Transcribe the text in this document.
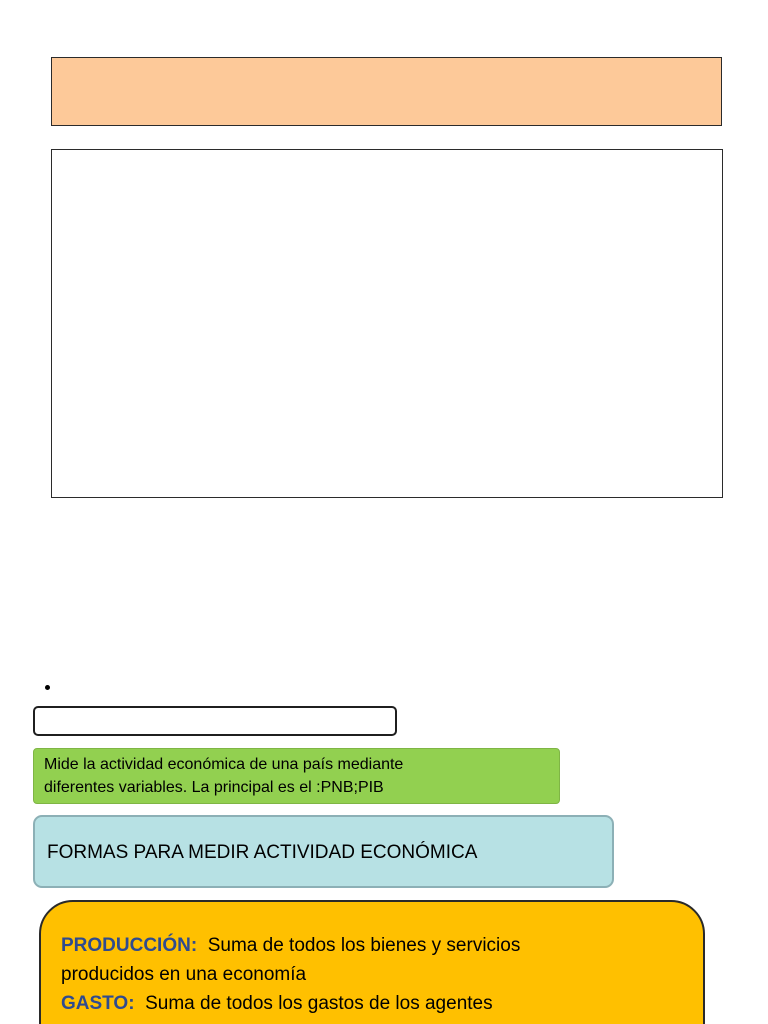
Mide la actividad económica de una país mediante
diferentes variables. La principal es el :PNB;PIB
FORMAS PARA MEDIR ACTIVIDAD ECONÓMICA
PRODUCCIÓN:  Suma de todos los bienes y servicios
producidos en una economía
GASTO:  Suma de todos los gastos de los agentes
